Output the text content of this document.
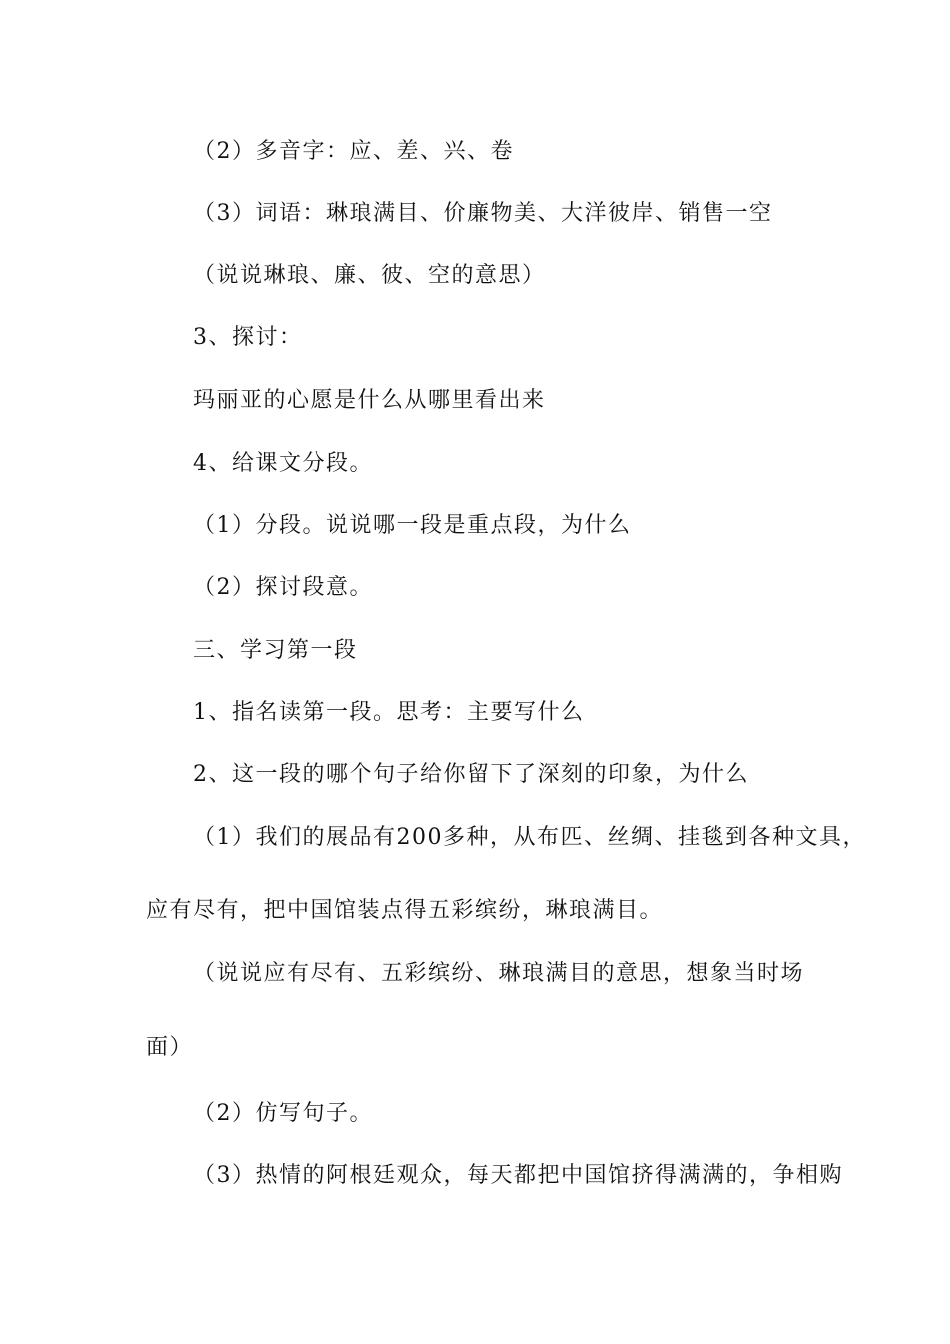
（2）多音字：应、差、兴、卷
（3）词语：琳琅满目、价廉物美、大洋彼岸、销售一空
（说说琳琅、廉、彼、空的意思）
3、探讨：
玛丽亚的心愿是什么从哪里看出来
4、给课文分段。
（1）分段。说说哪一段是重点段，为什么
（2）探讨段意。
三、学习第一段
1、指名读第一段。思考：主要写什么
2、这一段的哪个句子给你留下了深刻的印象，为什么
（1）我们的展品有200多种，从布匹、丝绸、挂毯到各种文具，
应有尽有，把中国馆装点得五彩缤纷，琳琅满目。
（说说应有尽有、五彩缤纷、琳琅满目的意思，想象当时场
面）
（2）仿写句子。
（3）热情的阿根廷观众，每天都把中国馆挤得满满的，争相购
